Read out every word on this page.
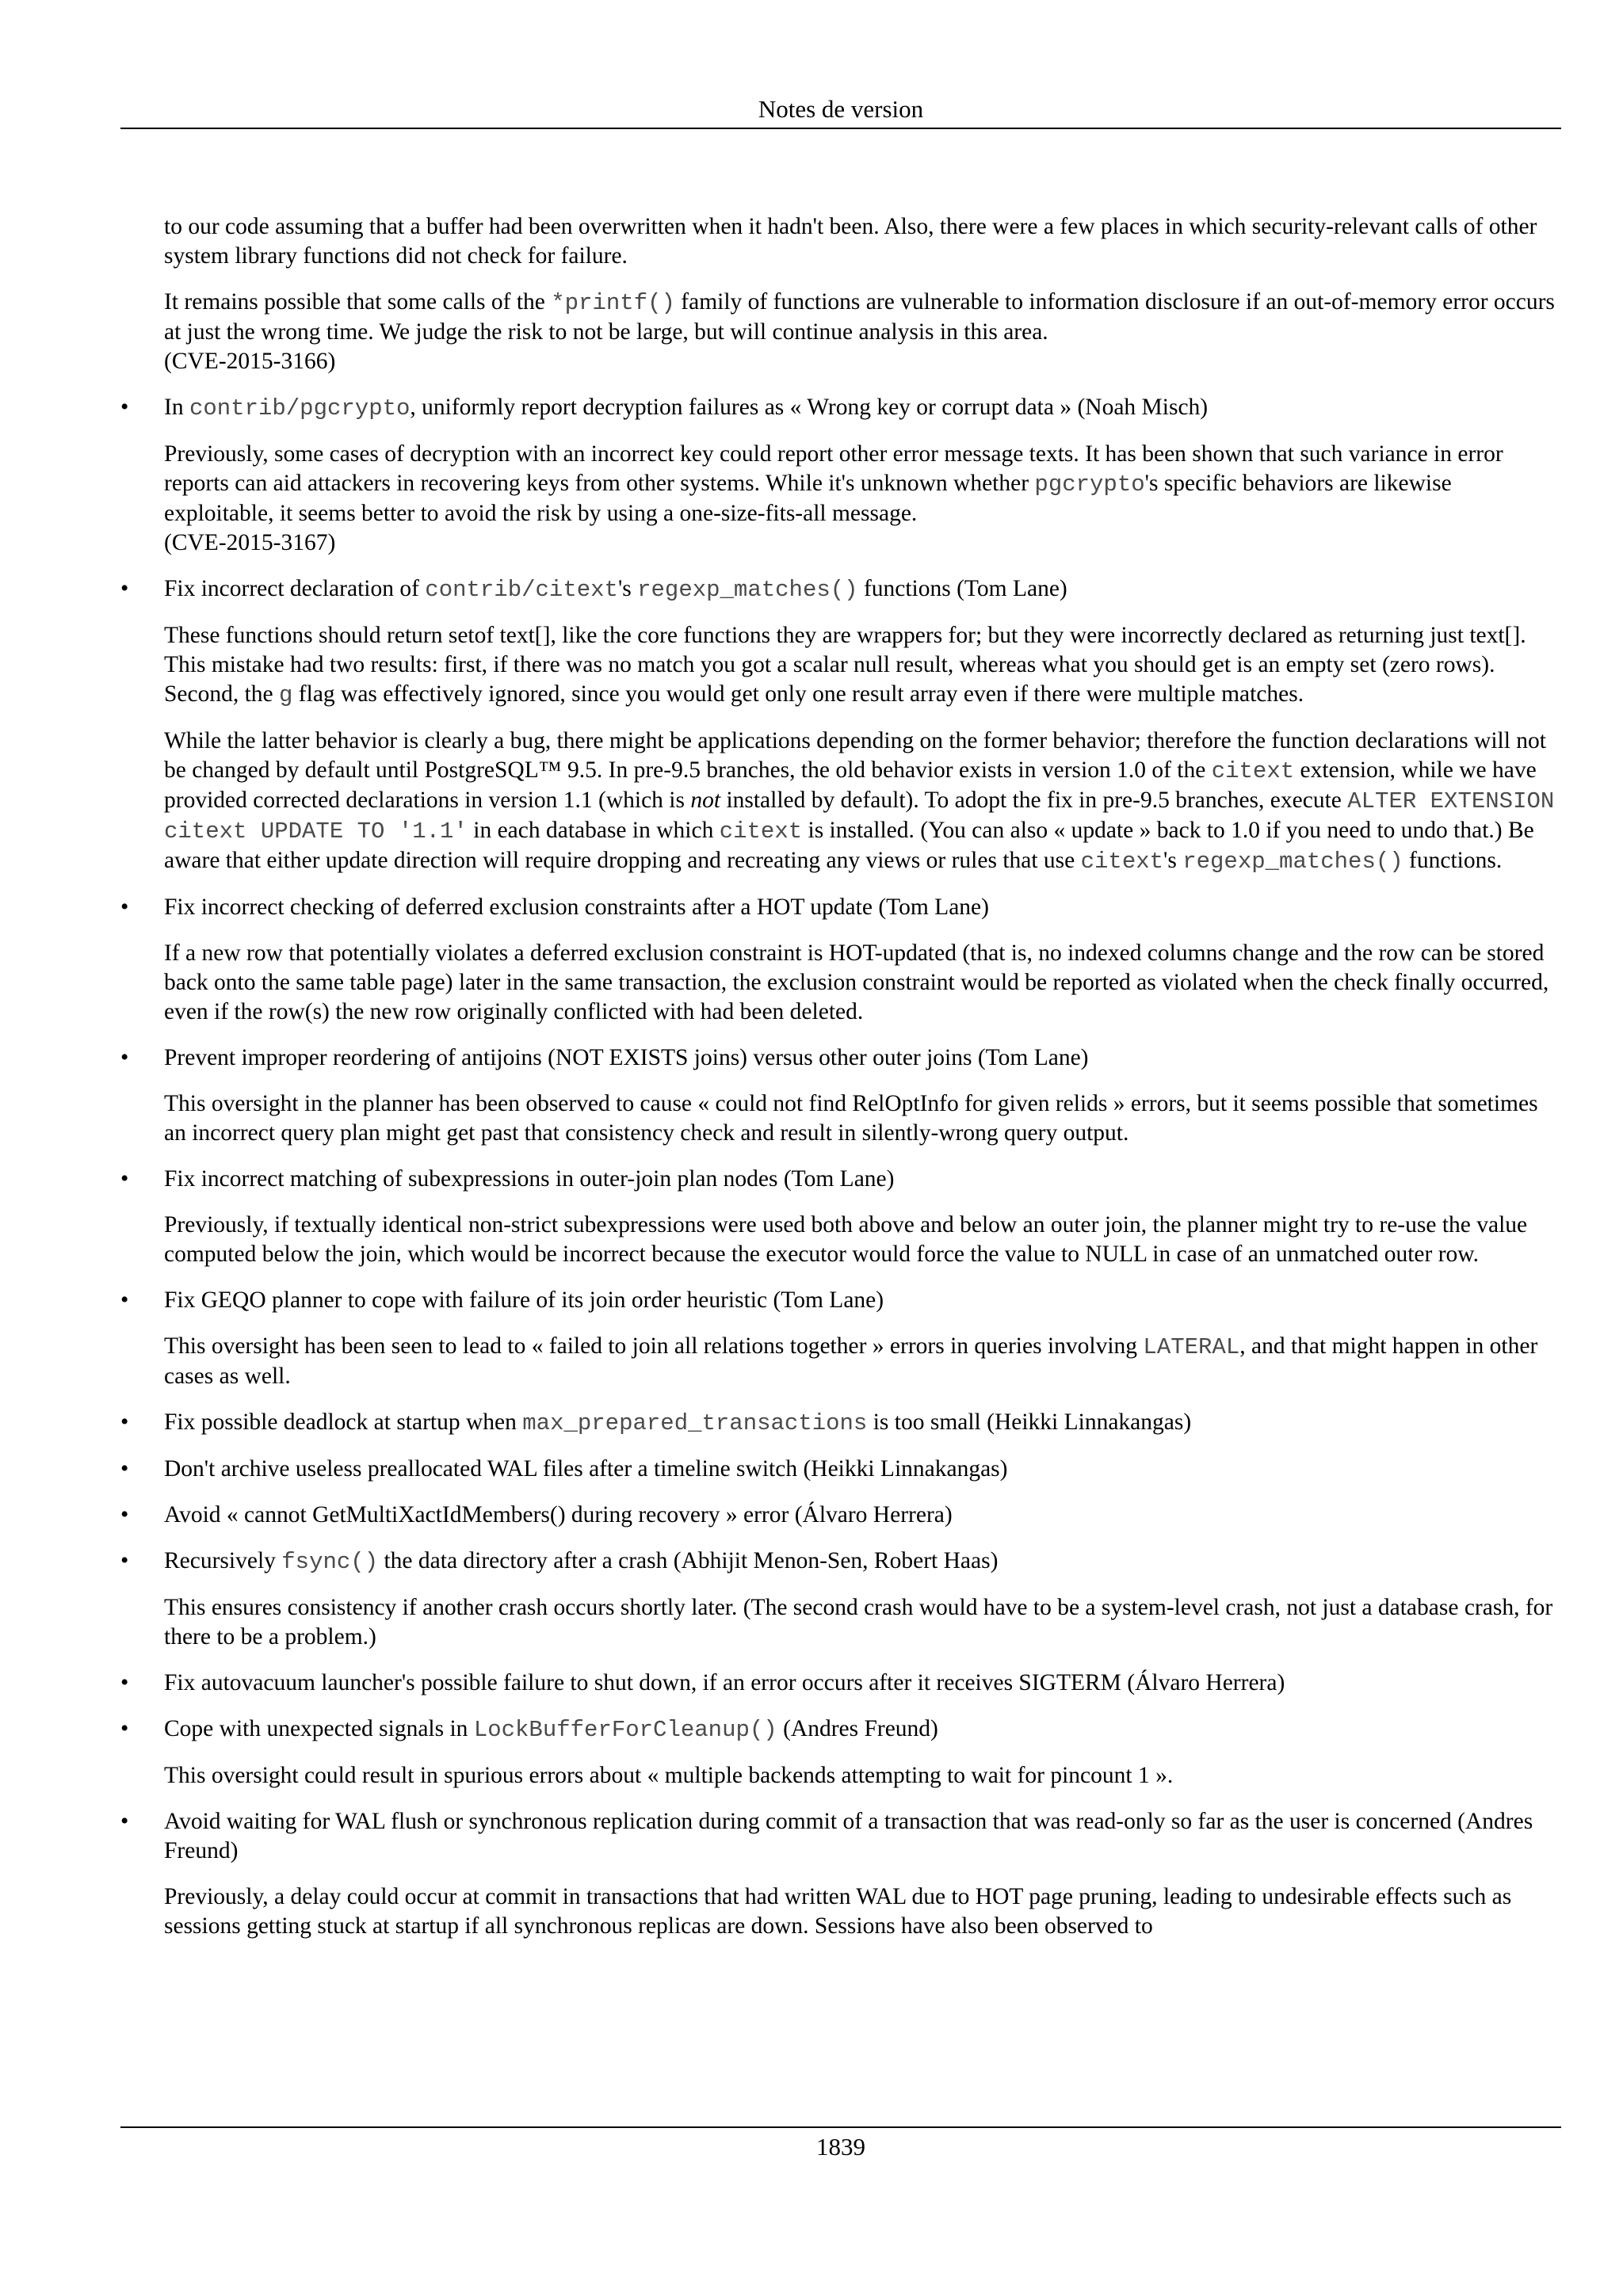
Notes de version

to our code assuming that a buffer had been overwritten when it hadn't been. Also, there were a few places in which security-relevant calls of other system library functions did not check for failure.

It remains possible that some calls of the *printf() family of functions are vulnerable to information disclosure if an out-of-memory error occurs at just the wrong time. We judge the risk to not be large, but will continue analysis in this area.
(CVE-2015-3166)

• In contrib/pgcrypto, uniformly report decryption failures as « Wrong key or corrupt data » (Noah Misch)

Previously, some cases of decryption with an incorrect key could report other error message texts. It has been shown that such variance in error reports can aid attackers in recovering keys from other systems. While it's unknown whether pgcrypto's specific behaviors are likewise exploitable, it seems better to avoid the risk by using a one-size-fits-all message.
(CVE-2015-3167)

• Fix incorrect declaration of contrib/citext's regexp_matches() functions (Tom Lane)

These functions should return setof text[], like the core functions they are wrappers for; but they were incorrectly declared as returning just text[]. This mistake had two results: first, if there was no match you got a scalar null result, whereas what you should get is an empty set (zero rows). Second, the g flag was effectively ignored, since you would get only one result array even if there were multiple matches.

While the latter behavior is clearly a bug, there might be applications depending on the former behavior; therefore the function declarations will not be changed by default until PostgreSQL™ 9.5. In pre-9.5 branches, the old behavior exists in version 1.0 of the citext extension, while we have provided corrected declarations in version 1.1 (which is not installed by default). To adopt the fix in pre-9.5 branches, execute ALTER EXTENSION citext UPDATE TO '1.1' in each database in which citext is installed. (You can also « update » back to 1.0 if you need to undo that.) Be aware that either update direction will require dropping and recreating any views or rules that use citext's regexp_matches() functions.

• Fix incorrect checking of deferred exclusion constraints after a HOT update (Tom Lane)

If a new row that potentially violates a deferred exclusion constraint is HOT-updated (that is, no indexed columns change and the row can be stored back onto the same table page) later in the same transaction, the exclusion constraint would be reported as violated when the check finally occurred, even if the row(s) the new row originally conflicted with had been deleted.

• Prevent improper reordering of antijoins (NOT EXISTS joins) versus other outer joins (Tom Lane)

This oversight in the planner has been observed to cause « could not find RelOptInfo for given relids » errors, but it seems possible that sometimes an incorrect query plan might get past that consistency check and result in silently-wrong query output.

• Fix incorrect matching of subexpressions in outer-join plan nodes (Tom Lane)

Previously, if textually identical non-strict subexpressions were used both above and below an outer join, the planner might try to re-use the value computed below the join, which would be incorrect because the executor would force the value to NULL in case of an unmatched outer row.

• Fix GEQO planner to cope with failure of its join order heuristic (Tom Lane)

This oversight has been seen to lead to « failed to join all relations together » errors in queries involving LATERAL, and that might happen in other cases as well.

• Fix possible deadlock at startup when max_prepared_transactions is too small (Heikki Linnakangas)

• Don't archive useless preallocated WAL files after a timeline switch (Heikki Linnakangas)

• Avoid « cannot GetMultiXactIdMembers() during recovery » error (Álvaro Herrera)

• Recursively fsync() the data directory after a crash (Abhijit Menon-Sen, Robert Haas)

This ensures consistency if another crash occurs shortly later. (The second crash would have to be a system-level crash, not just a database crash, for there to be a problem.)

• Fix autovacuum launcher's possible failure to shut down, if an error occurs after it receives SIGTERM (Álvaro Herrera)

• Cope with unexpected signals in LockBufferForCleanup() (Andres Freund)

This oversight could result in spurious errors about « multiple backends attempting to wait for pincount 1 ».

• Avoid waiting for WAL flush or synchronous replication during commit of a transaction that was read-only so far as the user is concerned (Andres Freund)

Previously, a delay could occur at commit in transactions that had written WAL due to HOT page pruning, leading to undesirable effects such as sessions getting stuck at startup if all synchronous replicas are down. Sessions have also been observed to

1839
